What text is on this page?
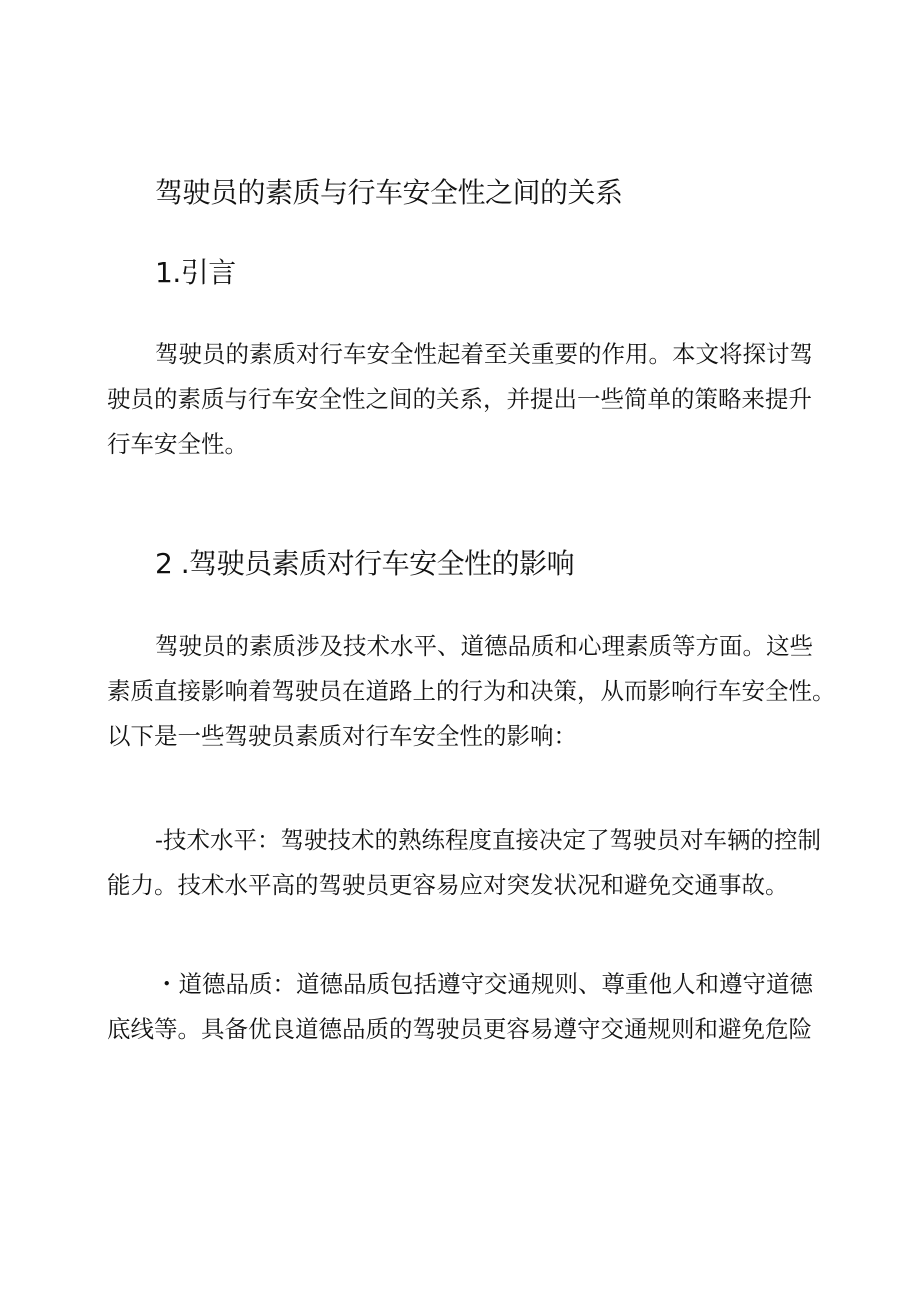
驾驶员的素质与行车安全性之间的关系
1.引言
驾驶员的素质对行车安全性起着至关重要的作用。本文将探讨驾
驶员的素质与行车安全性之间的关系，并提出一些简单的策略来提升
行车安全性。
2 .驾驶员素质对行车安全性的影响
驾驶员的素质涉及技术水平、道德品质和心理素质等方面。这些
素质直接影响着驾驶员在道路上的行为和决策，从而影响行车安全性。
以下是一些驾驶员素质对行车安全性的影响：
-技术水平：驾驶技术的熟练程度直接决定了驾驶员对车辆的控制
能力。技术水平高的驾驶员更容易应对突发状况和避免交通事故。
・道德品质：道德品质包括遵守交通规则、尊重他人和遵守道德
底线等。具备优良道德品质的驾驶员更容易遵守交通规则和避免危险
